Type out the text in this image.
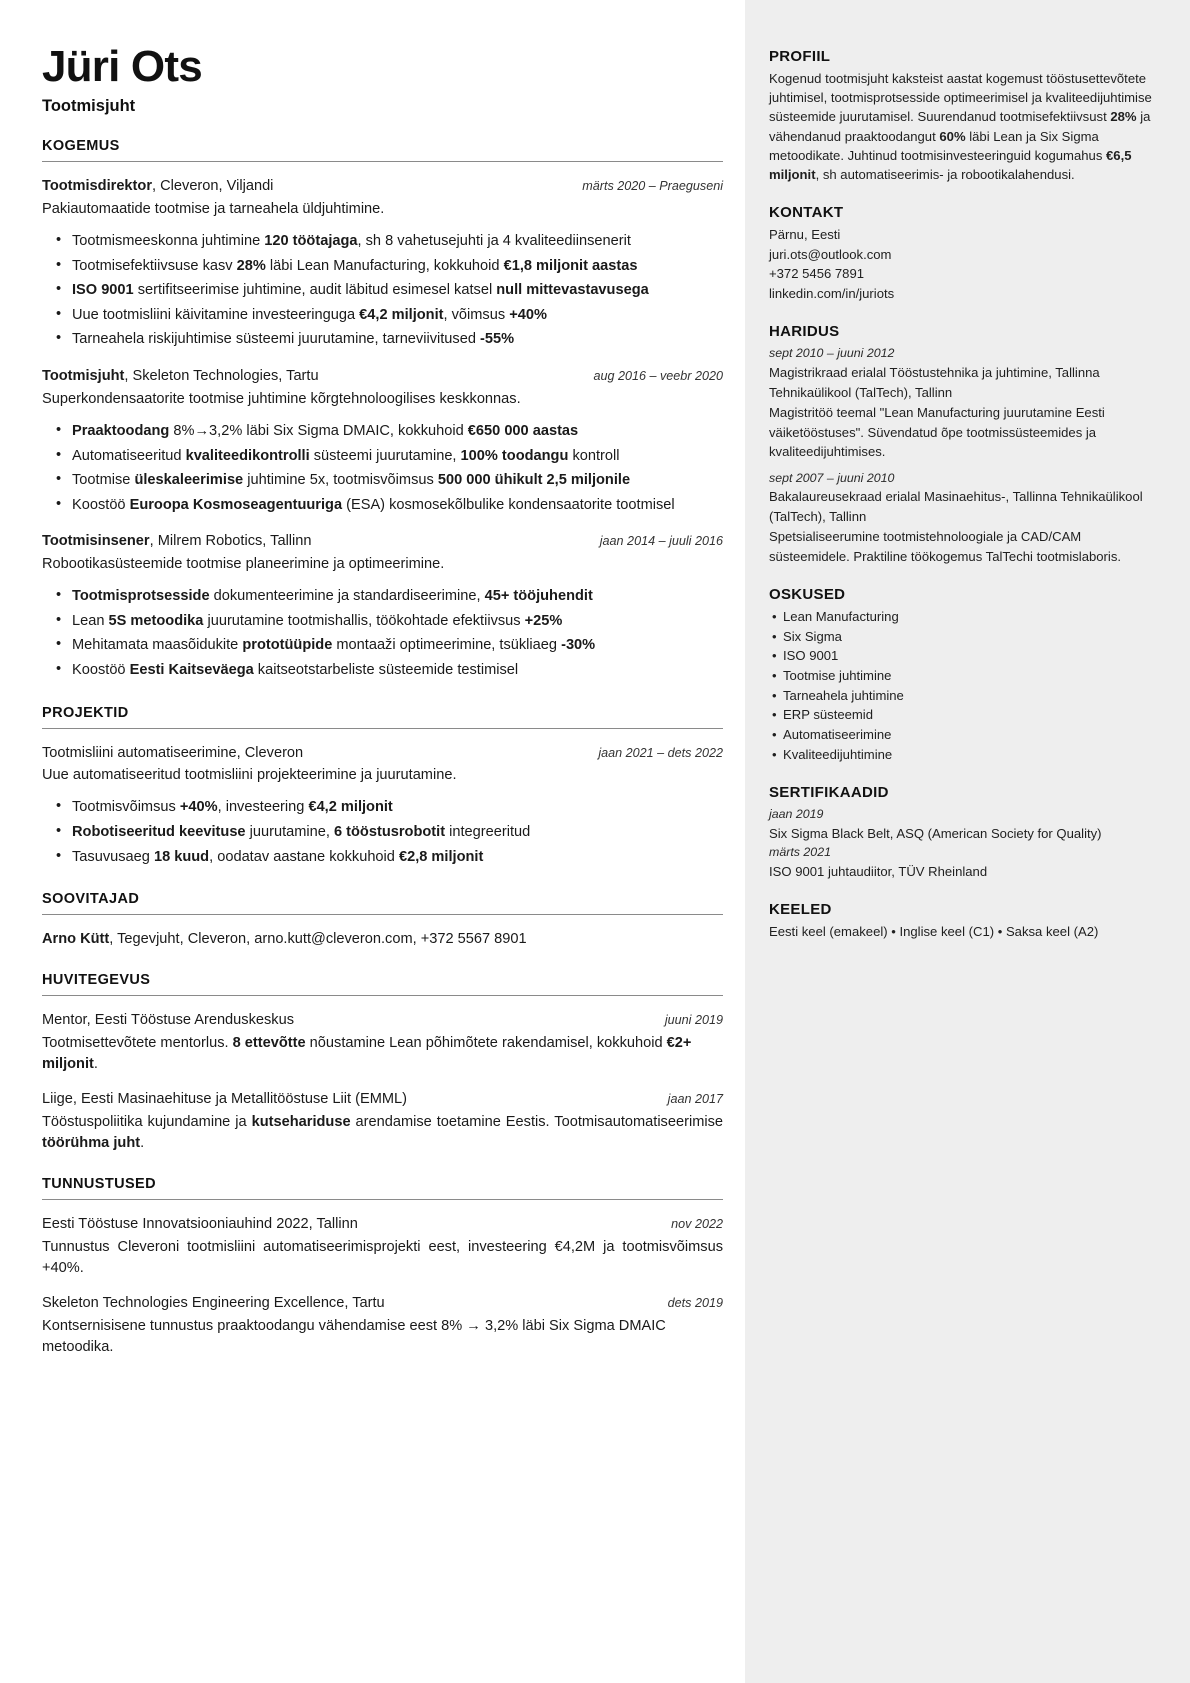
Jüri Ots
Tootmisjuht
KOGEMUS
Tootmisdirektor, Cleveron, Viljandi	märts 2020 – Praeguseni
Pakiautomaatide tootmise ja tarneahela üldjuhtimine.
• Tootmismeeskonna juhtimine 120 töötajaga, sh 8 vahetusejuhti ja 4 kvaliteediinsenerit
• Tootmisefektiivsuse kasv 28% läbi Lean Manufacturing, kokkuhoid €1,8 miljonit aastas
• ISO 9001 sertifitseerimise juhtimine, audit läbitud esimesel katsel null mittevastavusega
• Uue tootmisliini käivitamine investeeringuga €4,2 miljonit, võimsus +40%
• Tarneahela riskijuhtimise süsteemi juurutamine, tarneviivitused -55%
Tootmisjuht, Skeleton Technologies, Tartu	aug 2016 – veebr 2020
Superkondensaatorite tootmise juhtimine kõrgtehnoloogilises keskkonnas.
• Praaktoodang 8%→3,2% läbi Six Sigma DMAIC, kokkuhoid €650 000 aastas
• Automatiseeritud kvaliteedikontrolli süsteemi juurutamine, 100% toodangu kontroll
• Tootmise üleskaleerimise juhtimine 5x, tootmisvõimsus 500 000 ühikult 2,5 miljonile
• Koostöö Euroopa Kosmoseagentuuriga (ESA) kosmosekõlbulike kondensaatorite tootmisel
Tootmisinsener, Milrem Robotics, Tallinn	jaan 2014 – juuli 2016
Robootikasüsteemide tootmise planeerimine ja optimeerimine.
• Tootmisprotsesside dokumenteerimine ja standardiseerimine, 45+ tööjuhendit
• Lean 5S metoodika juurutamine tootmishallis, töökohtade efektiivsus +25%
• Mehitamata maasõidukite prototüüpide montaaži optimeerimine, tsükliaeg -30%
• Koostöö Eesti Kaitseväega kaitseotstarbeliste süsteemide testimisel
PROJEKTID
Tootmisliini automatiseerimine, Cleveron	jaan 2021 – dets 2022
Uue automatiseeritud tootmisliini projekteerimine ja juurutamine.
• Tootmisvõimsus +40%, investeering €4,2 miljonit
• Robotiseeritud keevituse juurutamine, 6 tööstusrobotit integreeritud
• Tasuvusaeg 18 kuud, oodatav aastane kokkuhoid €2,8 miljonit
SOOVITAJAD
Arno Kütt, Tegevjuht, Cleveron, arno.kutt@cleveron.com, +372 5567 8901
HUVITEGEVUS
Mentor, Eesti Tööstuse Arenduskeskus	juuni 2019
Tootmisettevõtete mentorlus. 8 ettevõtte nõustamine Lean põhimõtete rakendamisel, kokkuhoid €2+ miljonit.
Liige, Eesti Masinaehituse ja Metallitööstuse Liit (EMML)	jaan 2017
Tööstuspoliitika kujundamine ja kutsehariduse arendamise toetamine Eestis. Tootmisautomatiseerimise töörühma juht.
TUNNUSTUSED
Eesti Tööstuse Innovatsiooniauhind 2022, Tallinn	nov 2022
Tunnustus Cleveroni tootmisliini automatiseerimisprojekti eest, investeering €4,2M ja tootmisvõimsus +40%.
Skeleton Technologies Engineering Excellence, Tartu	dets 2019
Kontsernisisene tunnustus praaktoodangu vähendamise eest 8% → 3,2% läbi Six Sigma DMAIC metoodika.
PROFIIL
Kogenud tootmisjuht kaksteist aastat kogemust tööstusettevõtete juhtimisel, tootmisprotsesside optimeerimisel ja kvaliteedijuhtimise süsteemide juurutamisel. Suurendanud tootmisefektiivsust 28% ja vähendanud praaktoodangut 60% läbi Lean ja Six Sigma metoodikate. Juhtinud tootmisinvesteeringuid kogumahus €6,5 miljonit, sh automatiseerimis- ja robootikalahendusi.
KONTAKT
Pärnu, Eesti
juri.ots@outlook.com
+372 5456 7891
linkedin.com/in/juriots
HARIDUS
sept 2010 – juuni 2012
Magistrikraad erialal Tööstustehnika ja juhtimine, Tallinna Tehnikaülikool (TalTech), Tallinn
Magistritöö teemal "Lean Manufacturing juurutamine Eesti väiketööstuses". Süvendatud õpe tootmissüsteemides ja kvaliteedijuhtimises.
sept 2007 – juuni 2010
Bakalaureusekraad erialal Masinaehitus-, Tallinna Tehnikaülikool (TalTech), Tallinn
Spetsialiseerumine tootmistehnoloogiale ja CAD/CAM süsteemidele. Praktiline töökogemus TalTechi tootmislaboris.
OSKUSED
• Lean Manufacturing
• Six Sigma
• ISO 9001
• Tootmise juhtimine
• Tarneahela juhtimine
• ERP süsteemid
• Automatiseerimine
• Kvaliteedijuhtimine
SERTIFIKAADID
jaan 2019
Six Sigma Black Belt, ASQ (American Society for Quality)
märts 2021
ISO 9001 juhtaudiitor, TÜV Rheinland
KEELED
Eesti keel (emakeel) • Inglise keel (C1) • Saksa keel (A2)
